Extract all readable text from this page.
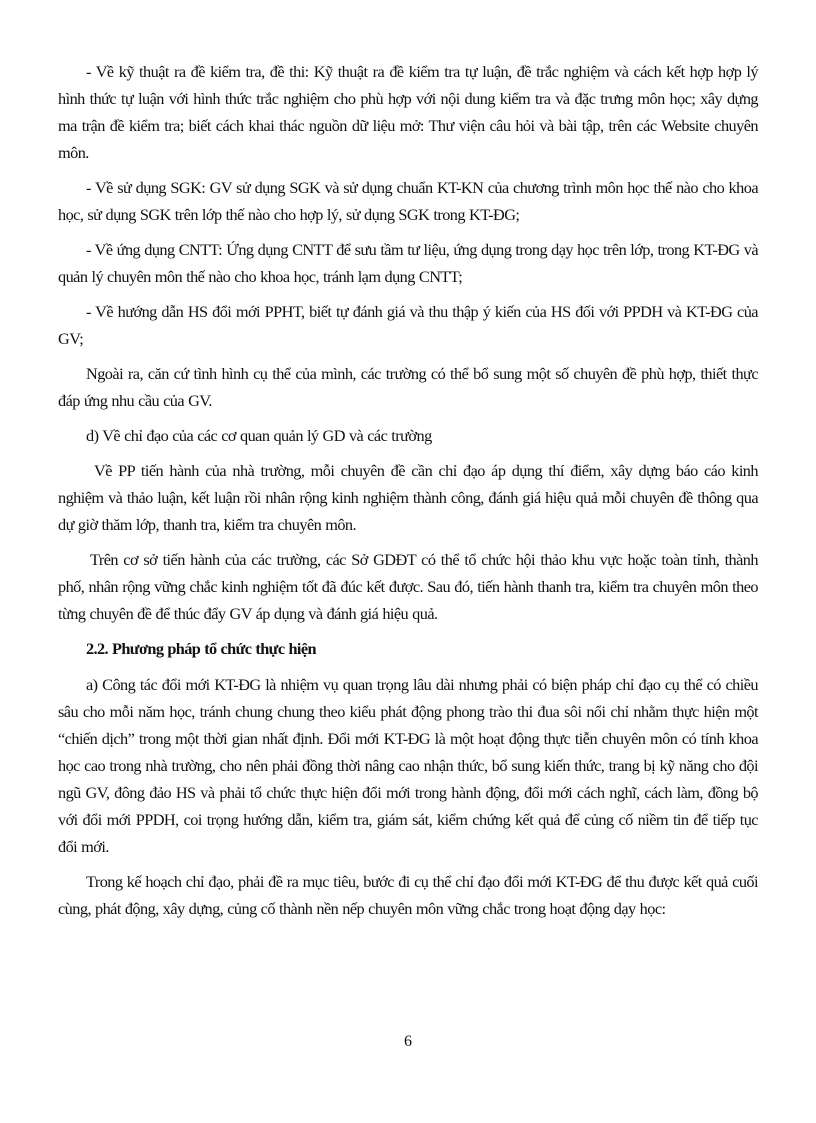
- Về kỹ thuật ra đề kiểm tra, đề thi: Kỹ thuật ra đề kiểm tra tự luận, đề trắc nghiệm và cách kết hợp hợp lý hình thức tự luận với hình thức trắc nghiệm cho phù hợp với nội dung kiểm tra và đặc trưng môn học; xây dựng ma trận đề kiểm tra; biết cách khai thác nguồn dữ liệu mở: Thư viện câu hỏi và bài tập, trên các Website chuyên môn.

- Về sử dụng SGK: GV sử dụng SGK và sử dụng chuẩn KT-KN của chương trình môn học thế nào cho khoa học, sử dụng SGK trên lớp thế nào cho hợp lý, sử dụng SGK trong KT-ĐG;

- Về ứng dụng CNTT: Ứng dụng CNTT để sưu tầm tư liệu, ứng dụng trong dạy học trên lớp, trong KT-ĐG và quản lý chuyên môn thế nào cho khoa học, tránh lạm dụng CNTT;

- Về hướng dẫn HS đổi mới PPHT, biết tự đánh giá và thu thập ý kiến của HS đối với PPDH và KT-ĐG của GV;

Ngoài ra, căn cứ tình hình cụ thể của mình, các trường có thể bổ sung một số chuyên đề phù hợp, thiết thực đáp ứng nhu cầu của GV.

d) Về chỉ đạo của các cơ quan quản lý GD và các trường

Về PP tiến hành của nhà trường, mỗi chuyên đề cần chỉ đạo áp dụng thí điểm, xây dựng báo cáo kinh nghiệm và thảo luận, kết luận rồi nhân rộng kinh nghiệm thành công, đánh giá hiệu quả mỗi chuyên đề thông qua dự giờ thăm lớp, thanh tra, kiểm tra chuyên môn.

Trên cơ sở tiến hành của các trường, các Sở GDĐT có thể tổ chức hội thảo khu vực hoặc toàn tỉnh, thành phố, nhân rộng vững chắc kinh nghiệm tốt đã đúc kết được. Sau đó, tiến hành thanh tra, kiểm tra chuyên môn theo từng chuyên đề để thúc đẩy GV áp dụng và đánh giá hiệu quả.

2.2. Phương pháp tổ chức thực hiện

a) Công tác đổi mới KT-ĐG là nhiệm vụ quan trọng lâu dài nhưng phải có biện pháp chỉ đạo cụ thể có chiều sâu cho mỗi năm học, tránh chung chung theo kiểu phát động phong trào thi đua sôi nổi chỉ nhằm thực hiện một “chiến dịch” trong một thời gian nhất định. Đổi mới KT-ĐG là một hoạt động thực tiễn chuyên môn có tính khoa học cao trong nhà trường, cho nên phải đồng thời nâng cao nhận thức, bổ sung kiến thức, trang bị kỹ năng cho đội ngũ GV, đông đảo HS và phải tổ chức thực hiện đổi mới trong hành động, đổi mới cách nghĩ, cách làm, đồng bộ với đổi mới PPDH, coi trọng hướng dẫn, kiểm tra, giám sát, kiểm chứng kết quả để củng cố niềm tin để tiếp tục đổi mới.

Trong kế hoạch chỉ đạo, phải đề ra mục tiêu, bước đi cụ thể chỉ đạo đổi mới KT-ĐG để thu được kết quả cuối cùng, phát động, xây dựng, củng cố thành nền nếp chuyên môn vững chắc trong hoạt động dạy học:

6
